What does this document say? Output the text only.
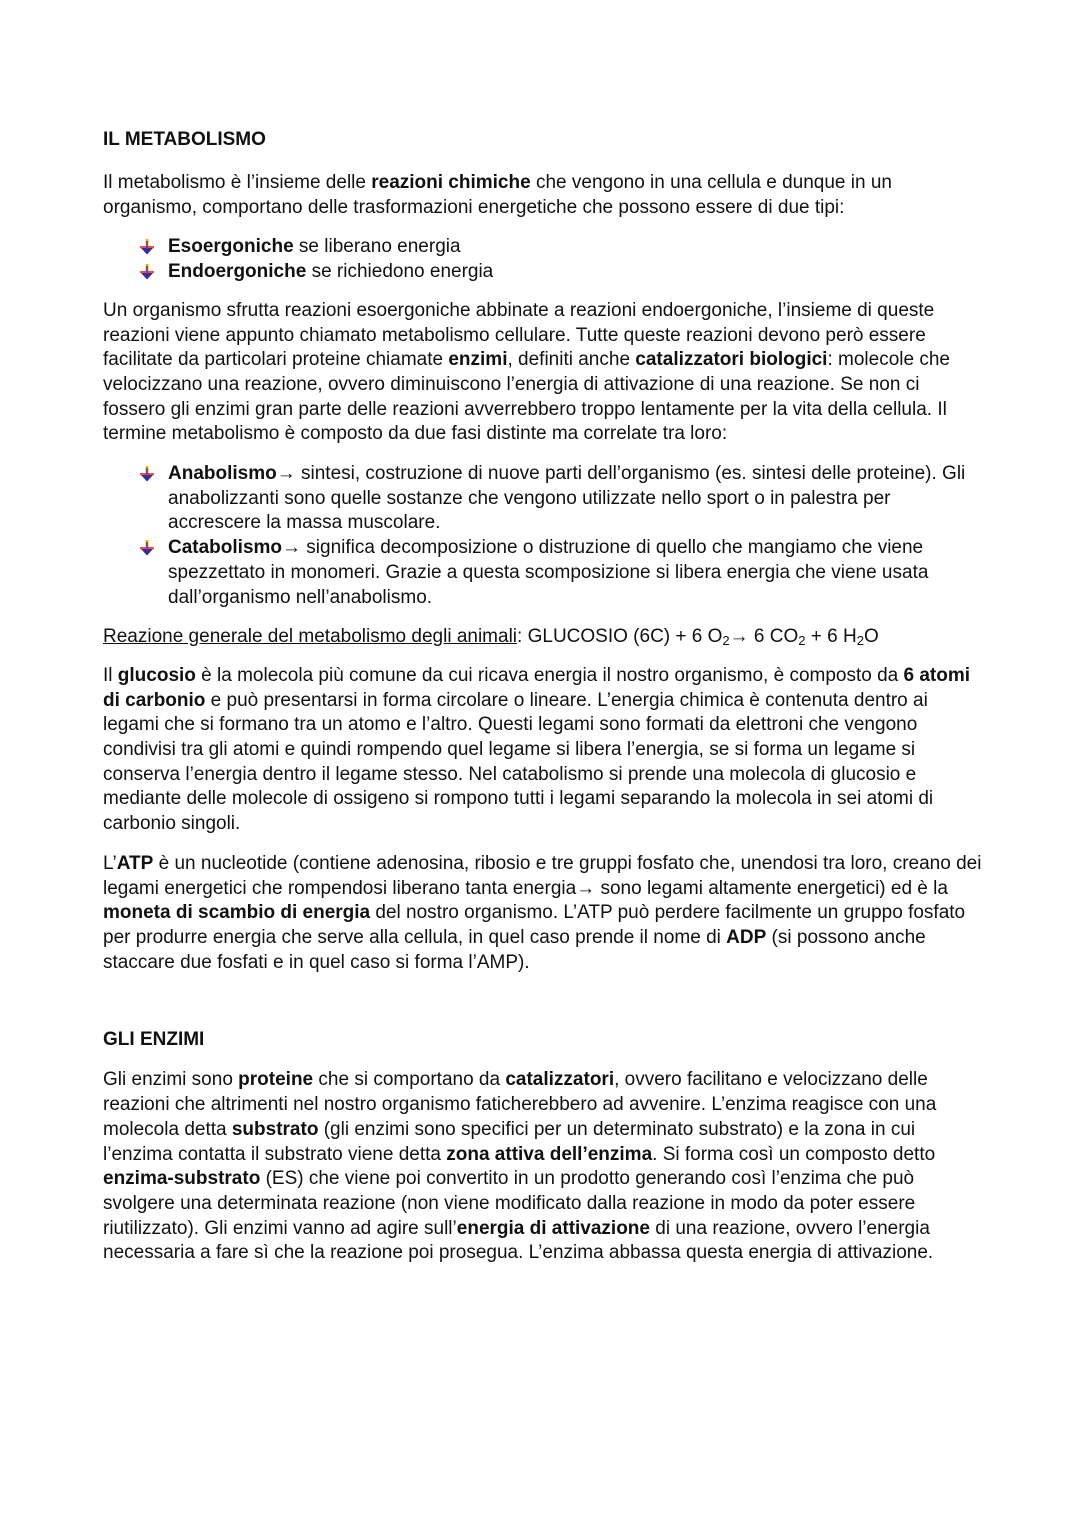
IL METABOLISMO

Il metabolismo è l’insieme delle reazioni chimiche che vengono in una cellula e dunque in un organismo, comportano delle trasformazioni energetiche che possono essere di due tipi:

Esoergoniche se liberano energia
Endoergoniche se richiedono energia

Un organismo sfrutta reazioni esoergoniche abbinate a reazioni endoergoniche, l’insieme di queste reazioni viene appunto chiamato metabolismo cellulare. Tutte queste reazioni devono però essere facilitate da particolari proteine chiamate enzimi, definiti anche catalizzatori biologici: molecole che velocizzano una reazione, ovvero diminuiscono l’energia di attivazione di una reazione. Se non ci fossero gli enzimi gran parte delle reazioni avverrebbero troppo lentamente per la vita della cellula. Il termine metabolismo è composto da due fasi distinte ma correlate tra loro:

Anabolismo→ sintesi, costruzione di nuove parti dell’organismo (es. sintesi delle proteine). Gli anabolizzanti sono quelle sostanze che vengono utilizzate nello sport o in palestra per accrescere la massa muscolare.
Catabolismo→ significa decomposizione o distruzione di quello che mangiamo che viene spezzettato in monomeri. Grazie a questa scomposizione si libera energia che viene usata dall’organismo nell’anabolismo.

Reazione generale del metabolismo degli animali: GLUCOSIO (6C) + 6 $O_2\to 6$ $CO_2 + 6$ $H_2O$

Il glucosio è la molecola più comune da cui ricava energia il nostro organismo, è composto da 6 atomi di carbonio e può presentarsi in forma circolare o lineare. L’energia chimica è contenuta dentro ai legami che si formano tra un atomo e l’altro. Questi legami sono formati da elettroni che vengono condivisi tra gli atomi e quindi rompendo quel legame si libera l’energia, se si forma un legame si conserva l’energia dentro il legame stesso. Nel catabolismo si prende una molecola di glucosio e mediante delle molecole di ossigeno si rompono tutti i legami separando la molecola in sei atomi di carbonio singoli.

L’ATP è un nucleotide (contiene adenosina, ribosio e tre gruppi fosfato che, unendosi tra loro, creano dei legami energetici che rompendosi liberano tanta energia→ sono legami altamente energetici) ed è la moneta di scambio di energia del nostro organismo. L’ATP può perdere facilmente un gruppo fosfato per produrre energia che serve alla cellula, in quel caso prende il nome di ADP (si possono anche staccare due fosfati e in quel caso si forma l’AMP).

GLI ENZIMI

Gli enzimi sono proteine che si comportano da catalizzatori, ovvero facilitano e velocizzano delle reazioni che altrimenti nel nostro organismo faticherebbero ad avvenire. L’enzima reagisce con una molecola detta substrato (gli enzimi sono specifici per un determinato substrato) e la zona in cui l’enzima contatta il substrato viene detta zona attiva dell’enzima. Si forma così un composto detto enzima-substrato (ES) che viene poi convertito in un prodotto generando così l’enzima che può svolgere una determinata reazione (non viene modificato dalla reazione in modo da poter essere riutilizzato). Gli enzimi vanno ad agire sull’energia di attivazione di una reazione, ovvero l’energia necessaria a fare sì che la reazione poi prosegua. L’enzima abbassa questa energia di attivazione.
